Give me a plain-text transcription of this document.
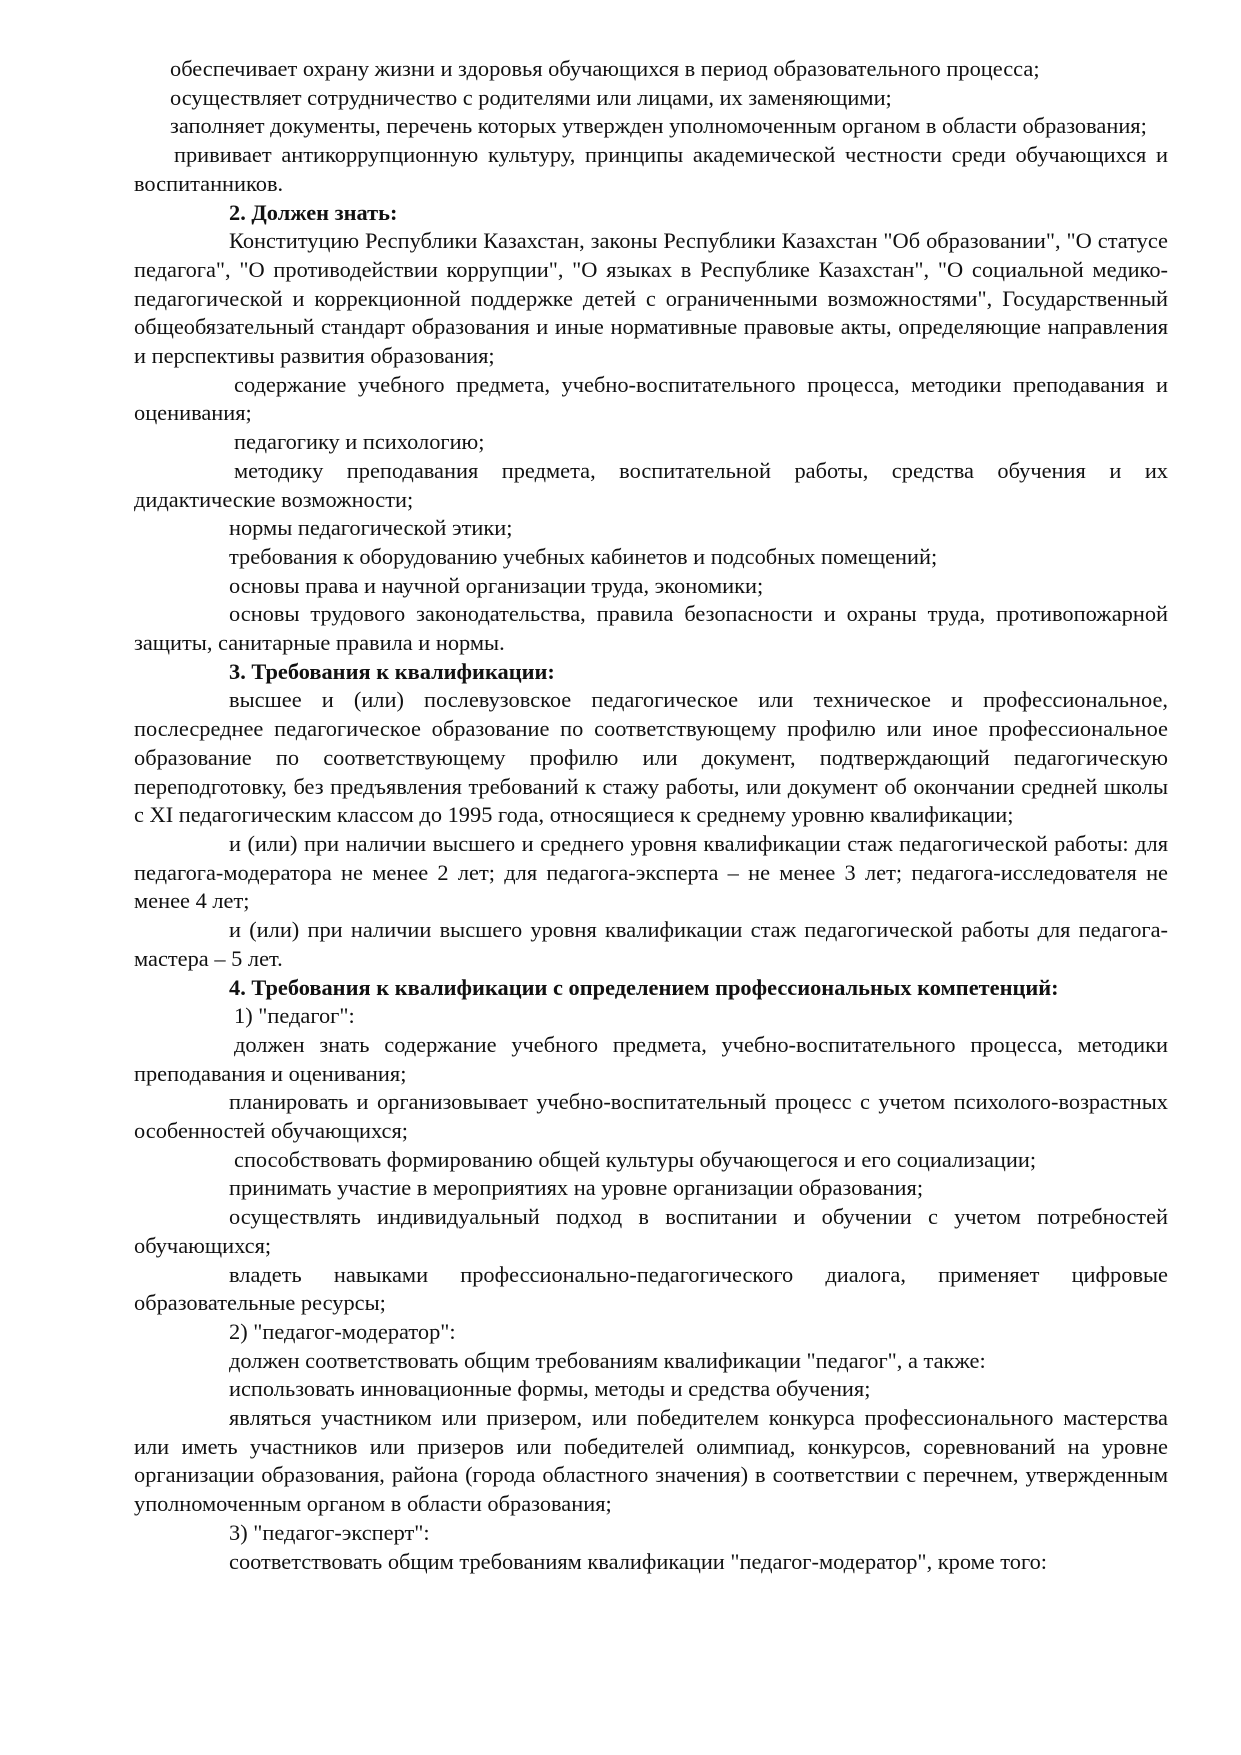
обеспечивает охрану жизни и здоровья обучающихся в период образовательного процесса;

осуществляет сотрудничество с родителями или лицами, их заменяющими;

заполняет документы, перечень которых утвержден уполномоченным органом в области образования;

прививает антикоррупционную культуру, принципы академической честности среди обучающихся и воспитанников.

2. Должен знать:

Конституцию Республики Казахстан, законы Республики Казахстан "Об образовании", "О статусе педагога", "О противодействии коррупции", "О языках в Республике Казахстан", "О социальной медико-педагогической и коррекционной поддержке детей с ограниченными возможностями", Государственный общеобязательный стандарт образования и иные нормативные правовые акты, определяющие направления и перспективы развития образования;

содержание учебного предмета, учебно-воспитательного процесса, методики преподавания и оценивания;

педагогику и психологию;

методику преподавания предмета, воспитательной работы, средства обучения и их дидактические возможности;

нормы педагогической этики;

требования к оборудованию учебных кабинетов и подсобных помещений;

основы права и научной организации труда, экономики;

основы трудового законодательства, правила безопасности и охраны труда, противопожарной защиты, санитарные правила и нормы.

3. Требования к квалификации:

высшее и (или) послевузовское педагогическое или техническое и профессиональное, послесреднее педагогическое образование по соответствующему профилю или иное профессиональное образование по соответствующему профилю или документ, подтверждающий педагогическую переподготовку, без предъявления требований к стажу работы, или документ об окончании средней школы с XI педагогическим классом до 1995 года, относящиеся к среднему уровню квалификации;

и (или) при наличии высшего и среднего уровня квалификации стаж педагогической работы: для педагога-модератора не менее 2 лет; для педагога-эксперта – не менее 3 лет; педагога-исследователя не менее 4 лет;

и (или) при наличии высшего уровня квалификации стаж педагогической работы для педагога-мастера – 5 лет.

4. Требования к квалификации с определением профессиональных компетенций:

1) "педагог":

должен знать содержание учебного предмета, учебно-воспитательного процесса, методики преподавания и оценивания;

планировать и организовывает учебно-воспитательный процесс с учетом психолого-возрастных особенностей обучающихся;

способствовать формированию общей культуры обучающегося и его социализации;

принимать участие в мероприятиях на уровне организации образования;

осуществлять индивидуальный подход в воспитании и обучении с учетом потребностей обучающихся;

владеть навыками профессионально-педагогического диалога, применяет цифровые образовательные ресурсы;

2) "педагог-модератор":

должен соответствовать общим требованиям квалификации "педагог", а также:

использовать инновационные формы, методы и средства обучения;

являться участником или призером, или победителем конкурса профессионального мастерства или иметь участников или призеров или победителей олимпиад, конкурсов, соревнований на уровне организации образования, района (города областного значения) в соответствии с перечнем, утвержденным уполномоченным органом в области образования;

3) "педагог-эксперт":

соответствовать общим требованиям квалификации "педагог-модератор", кроме того:
